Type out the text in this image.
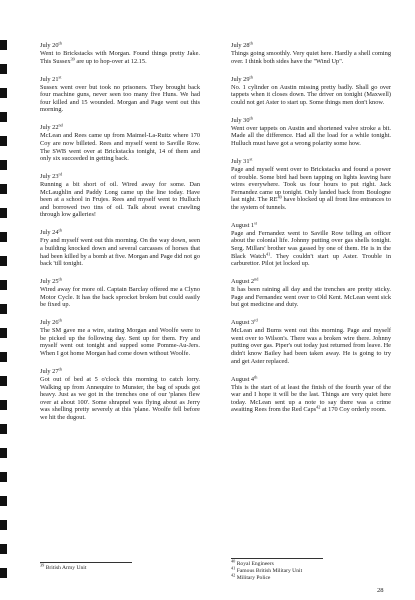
July 20th
Went to Brickstacks with Morgan. Found things pretty Jake. This Sussex$^{39}$ are up to hop-over at 12.15.
July 21st
Sussex went over but took no prisoners. They brought back four machine guns, never seen too many five Huns. We had four killed and 15 wounded. Morgan and Page went out this morning.
July 22nd
McLean and Rees came up from Maimel-La-Ruitz where 170 Coy are now billeted. Rees and myself went to Saville Row. The SWB went over at Brickstacks tonight, 14 of them and only six succeeded in getting back.
July 23rd
Running a bit short of oil. Wired away for some. Dan McLaughlin and Paddy Long came up the line today. Have been at a school in Frujes. Rees and myself went to Hulluch and borrowed two tins of oil. Talk about sweat crawling through low galleries!
July 24th
Fry and myself went out this morning. On the way down, seen a building knocked down and several carcasses of horses that had been killed by a bomb at five. Morgan and Page did not go back 'till tonight.
July 25th
Wired away for more oil. Captain Barclay offered me a Clyno Motor Cycle. It has the back sprocket broken but could easily be fixed up.
July 26th
The SM gave me a wire, stating Morgan and Woolfe were to be picked up the following day. Sent up for them. Fry and myself went out tonight and supped some Pomme-Au-Jers. When I got home Morgan had come down without Woolfe.
July 27th
Got out of bed at 5 o'clock this morning to catch lorry. Walking up from Annequire to Munster, the bag of spuds got heavy. Just as we got in the trenches one of our 'planes flew over at about 100'. Some shrapnel was flying about as Jerry was shelling pretty severely at this 'plane. Woolfe fell before we hit the dugout.
July 28th
Things going smoothly. Very quiet here. Hardly a shell coming over. I think both sides have the "Wind Up".
July 29th
No. 1 cylinder on Austin missing pretty badly. Shall go over tappets when it closes down. The driver on tonight (Maxwell) could not get Aster to start up. Some things men don't know.
July 30th
Went over tappets on Austin and shortened valve stroke a bit. Made all the difference. Had all the load for a while tonight. Hulluch must have got a wrong polarity some how.
July 31st
Page and myself went over to Brickstacks and found a power of trouble. Some bird had been tapping on lights leaving bare wires everywhere. Took us four hours to put right. Jack Fernandez came up tonight. Only landed back from Boulogne last night. The RE$^{40}$ have blocked up all front line entrances to the system of tunnels.
August 1st
Page and Fernandez went to Saville Row telling an officer about the colonial life. Johnny putting over gas shells tonight. Serg. Millars' brother was gassed by one of them. He is in the Black Watch$^{41}$. They couldn't start up Aster. Trouble in carburettor. Pilot jet locked up.
August 2nd
It has been raining all day and the trenches are pretty sticky. Page and Fernandez went over to Old Kent. McLean went sick but got medicine and duty.
August 3rd
McLean and Burns went out this morning. Page and myself went over to Wilson's. There was a broken wire there. Johnny putting over gas. Piper's out today just returned from leave. He didn't know Bailey had been taken away. He is going to try and get Aster replaced.
August 4th
This is the start of at least the finish of the fourth year of the war and I hope it will be the last. Things are very quiet here today. McLean sent up a note to say there was a crime awaiting Rees from the Red Caps$^{42}$ at 170 Coy orderly room.
$^{39}$ British Army Unit
$^{40}$ Royal Engineers
$^{41}$ Famous British Military Unit
$^{42}$ Military Police
28
